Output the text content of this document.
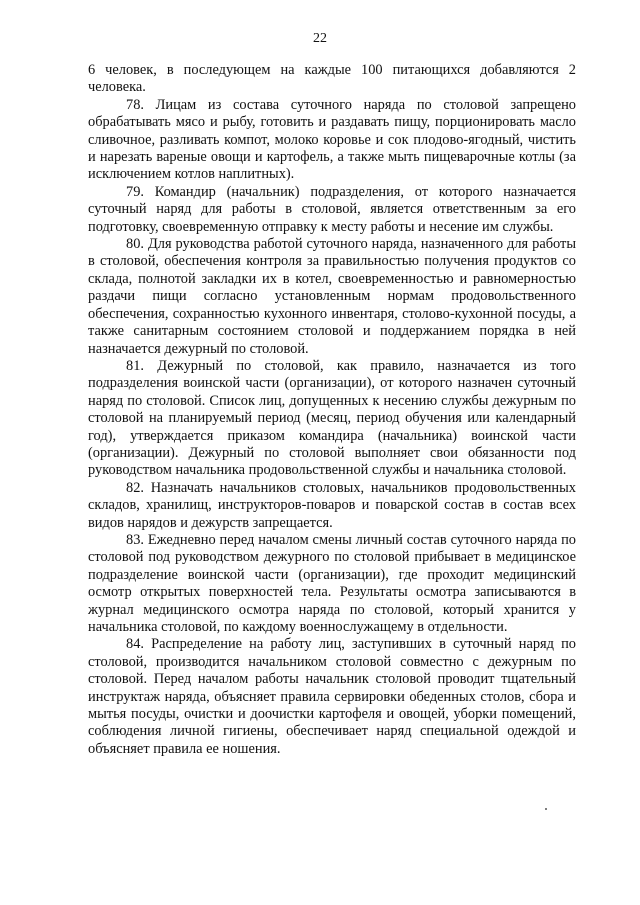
22

6 человек, в последующем на каждые 100 питающихся добавляются 2 человека.

78. Лицам из состава суточного наряда по столовой запрещено обрабатывать мясо и рыбу, готовить и раздавать пищу, порционировать масло сливочное, разливать компот, молоко коровье и сок плодово-ягодный, чистить и нарезать вареные овощи и картофель, а также мыть пищеварочные котлы (за исключением котлов наплитных).

79. Командир (начальник) подразделения, от которого назначается суточный наряд для работы в столовой, является ответственным за его подготовку, своевременную отправку к месту работы и несение им службы.

80. Для руководства работой суточного наряда, назначенного для работы в столовой, обеспечения контроля за правильностью получения продуктов со склада, полнотой закладки их в котел, своевременностью и равномерностью раздачи пищи согласно установленным нормам продовольственного обеспечения, сохранностью кухонного инвентаря, столово-кухонной посуды, а также санитарным состоянием столовой и поддержанием порядка в ней назначается дежурный по столовой.

81. Дежурный по столовой, как правило, назначается из того подразделения воинской части (организации), от которого назначен суточный наряд по столовой. Список лиц, допущенных к несению службы дежурным по столовой на планируемый период (месяц, период обучения или календарный год), утверждается приказом командира (начальника) воинской части (организации). Дежурный по столовой выполняет свои обязанности под руководством начальника продовольственной службы и начальника столовой.

82. Назначать начальников столовых, начальников продовольственных складов, хранилищ, инструкторов-поваров и поварской состав в состав всех видов нарядов и дежурств запрещается.

83. Ежедневно перед началом смены личный состав суточного наряда по столовой под руководством дежурного по столовой прибывает в медицинское подразделение воинской части (организации), где проходит медицинский осмотр открытых поверхностей тела. Результаты осмотра записываются в журнал медицинского осмотра наряда по столовой, который хранится у начальника столовой, по каждому военнослужащему в отдельности.

84. Распределение на работу лиц, заступивших в суточный наряд по столовой, производится начальником столовой совместно с дежурным по столовой. Перед началом работы начальник столовой проводит тщательный инструктаж наряда, объясняет правила сервировки обеденных столов, сбора и мытья посуды, очистки и доочистки картофеля и овощей, уборки помещений, соблюдения личной гигиены, обеспечивает наряд специальной одеждой и объясняет правила ее ношения.
